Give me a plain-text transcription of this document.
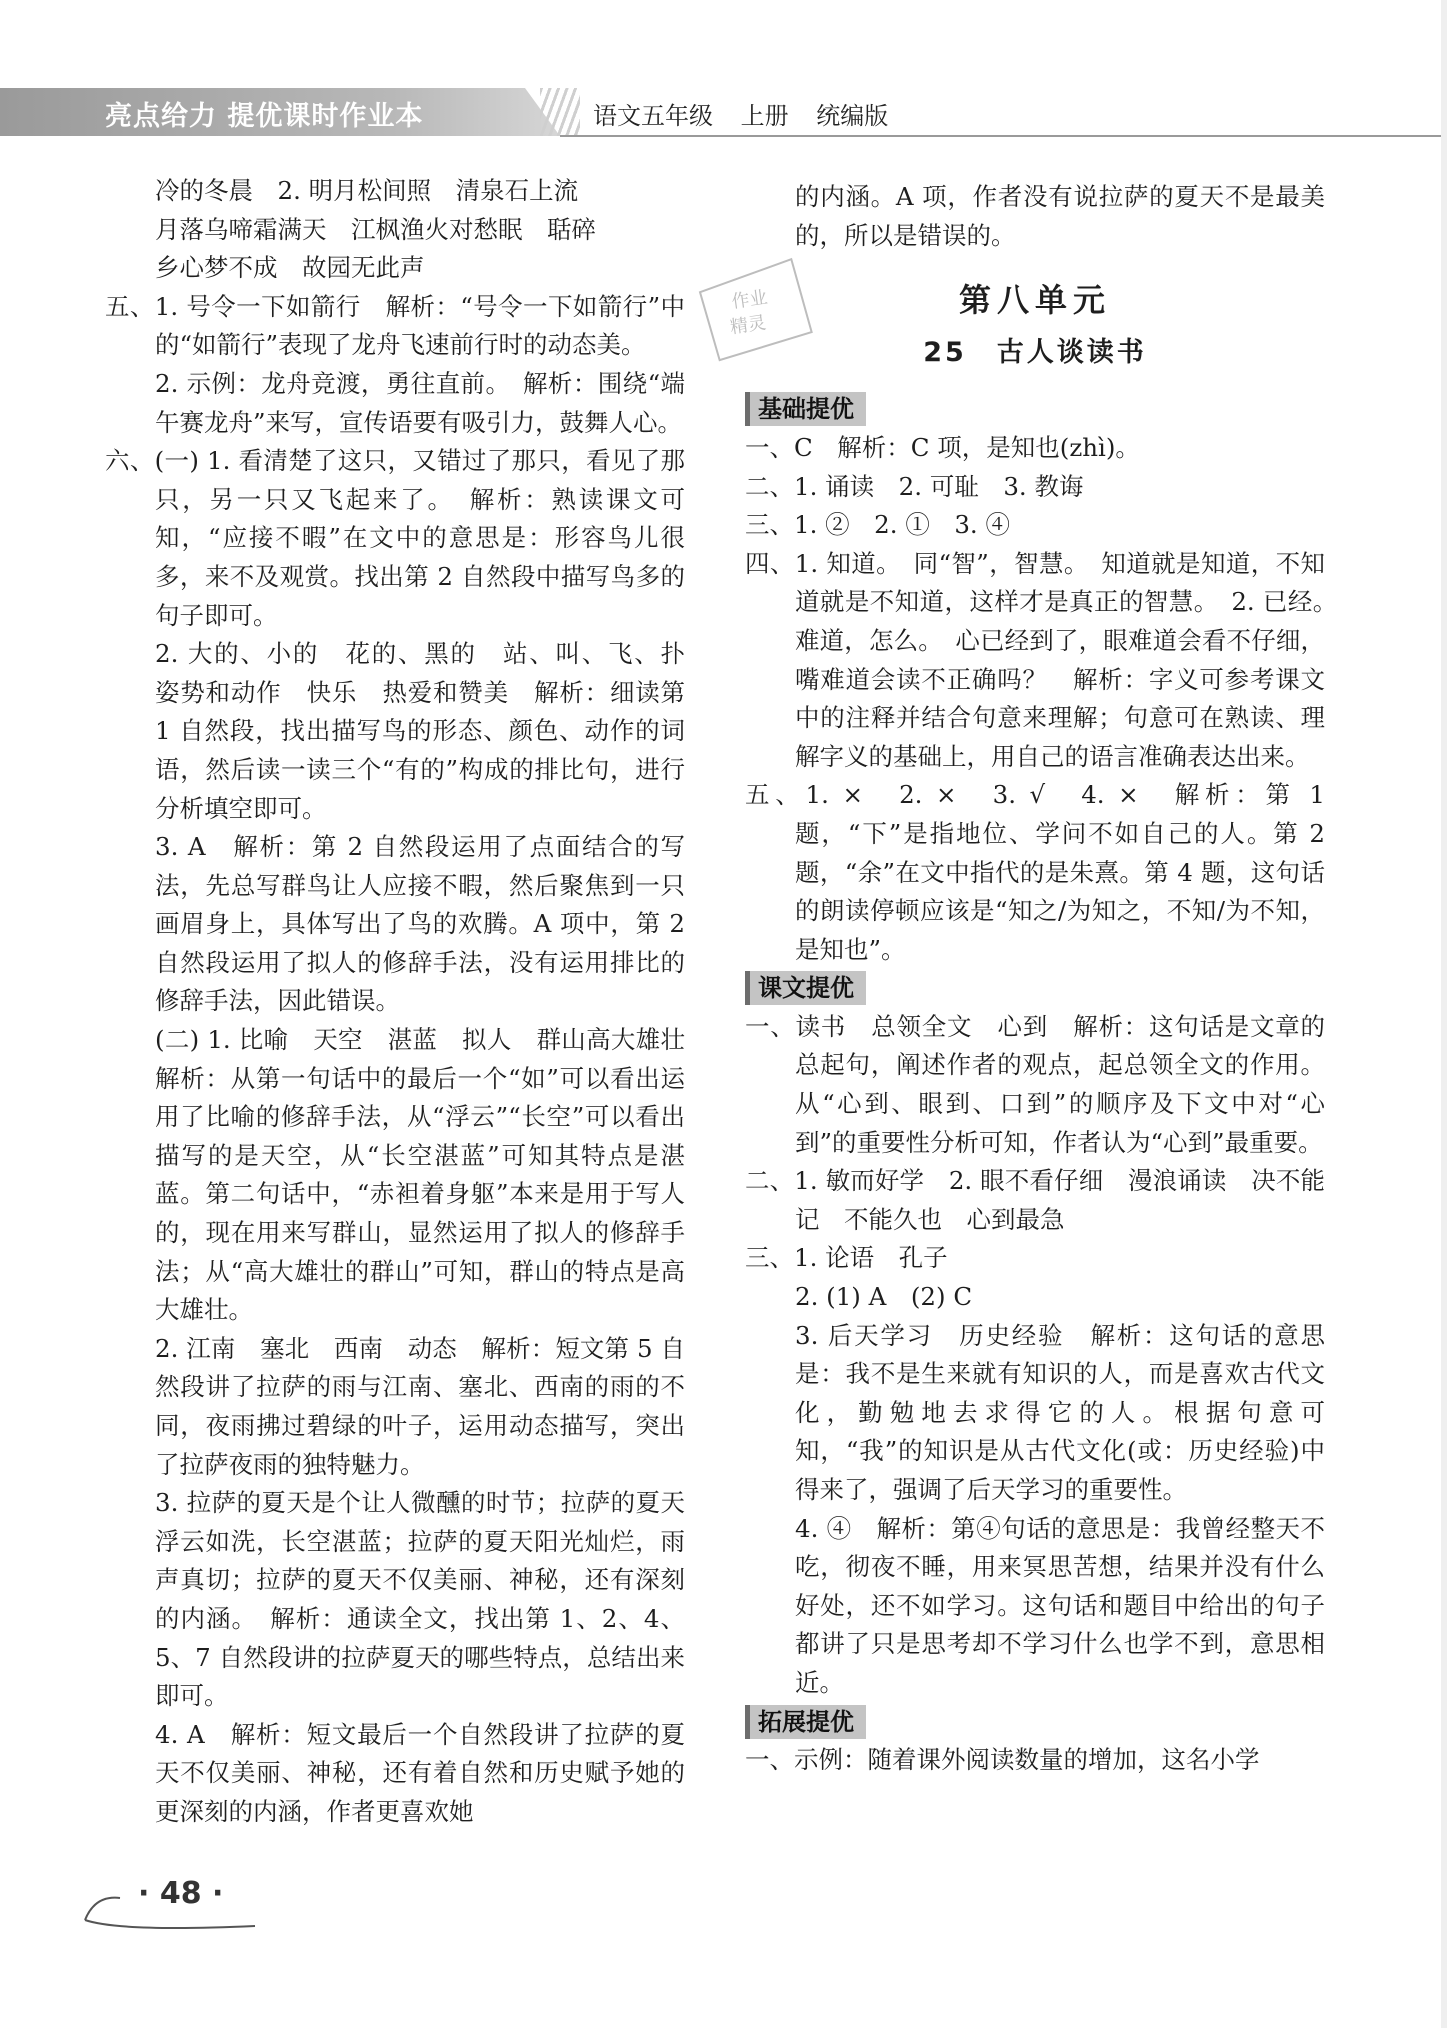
亮点给力 提优课时作业本	语文五年级 上册 统编版

冷的冬晨　2. 明月松间照　清泉石上流

月落乌啼霜满天　江枫渔火对愁眠　聒碎

乡心梦不成　故园无此声

五、1. 号令一下如箭行　解析：“号令一下如箭行”中的“如箭行”表现了龙舟飞速前行时的动态美。

2. 示例：龙舟竞渡，勇往直前。　解析：围绕“端午赛龙舟”来写，宣传语要有吸引力，鼓舞人心。

六、(一) 1. 看清楚了这只，又错过了那只，看见了那只，另一只又飞起来了。　解析：熟读课文可知，“应接不暇”在文中的意思是：形容鸟儿很多，来不及观赏。找出第 2 自然段中描写鸟多的句子即可。

2. 大的、小的　花的、黑的　站、叫、飞、扑　姿势和动作　快乐　热爱和赞美　解析：细读第 1 自然段，找出描写鸟的形态、颜色、动作的词语，然后读一读三个“有的”构成的排比句，进行分析填空即可。

3. A　解析：第 2 自然段运用了点面结合的写法，先总写群鸟让人应接不暇，然后聚焦到一只画眉身上，具体写出了鸟的欢腾。A 项中，第 2 自然段运用了拟人的修辞手法，没有运用排比的修辞手法，因此错误。

(二) 1. 比喻　天空　湛蓝　拟人　群山高大雄壮　解析：从第一句话中的最后一个“如”可以看出运用了比喻的修辞手法，从“浮云”“长空”可以看出描写的是天空，从“长空湛蓝”可知其特点是湛蓝。第二句话中，“赤袒着身躯”本来是用于写人的，现在用来写群山，显然运用了拟人的修辞手法；从“高大雄壮的群山”可知，群山的特点是高大雄壮。

2. 江南　塞北　西南　动态　解析：短文第 5 自然段讲了拉萨的雨与江南、塞北、西南的雨的不同，夜雨拂过碧绿的叶子，运用动态描写，突出了拉萨夜雨的独特魅力。

3. 拉萨的夏天是个让人微醺的时节；拉萨的夏天浮云如洗，长空湛蓝；拉萨的夏天阳光灿烂，雨声真切；拉萨的夏天不仅美丽、神秘，还有深刻的内涵。　解析：通读全文，找出第 1、2、4、5、7 自然段讲的拉萨夏天的哪些特点，总结出来即可。

4. A　解析：短文最后一个自然段讲了拉萨的夏天不仅美丽、神秘，还有着自然和历史赋予她的更深刻的内涵，作者更喜欢她

作业
精灵

的内涵。A 项，作者没有说拉萨的夏天不是最美的，所以是错误的。

第八单元
25　古人谈读书
基础提优

一、C　解析：C 项，是知也(zhì)。

二、1. 诵读　2. 可耻　3. 教诲

三、1. ②　2. ①　3. ④

四、1. 知道。　同“智”，智慧。　知道就是知道，不知道就是不知道，这样才是真正的智慧。　2. 已经。　难道，怎么。　心已经到了，眼难道会看不仔细，嘴难道会读不正确吗？　解析：字义可参考课文中的注释并结合句意来理解；句意可在熟读、理解字义的基础上，用自己的语言准确表达出来。

五、1. ×　2. ×　3. √　4. ×　解析：第 1 题，“下”是指地位、学问不如自己的人。第 2 题，“余”在文中指代的是朱熹。第 4 题，这句话的朗读停顿应该是“知之/为知之，不知/为不知，是知也”。

课文提优

一、读书　总领全文　心到　解析：这句话是文章的总起句，阐述作者的观点，起总领全文的作用。从“心到、眼到、口到”的顺序及下文中对“心到”的重要性分析可知，作者认为“心到”最重要。

二、1. 敏而好学　2. 眼不看仔细　漫浪诵读　决不能记　不能久也　心到最急

三、1. 论语　孔子

2. (1) A　(2) C

3. 后天学习　历史经验　解析：这句话的意思是：我不是生来就有知识的人，而是喜欢古代文化，勤勉地去求得它的人。根据句意可知，“我”的知识是从古代文化(或：历史经验)中得来了，强调了后天学习的重要性。

4. ④　解析：第④句话的意思是：我曾经整天不吃，彻夜不睡，用来冥思苦想，结果并没有什么好处，还不如学习。这句话和题目中给出的句子都讲了只是思考却不学习什么也学不到，意思相近。

拓展提优

一、示例：随着课外阅读数量的增加，这名小学

· 48 ·
